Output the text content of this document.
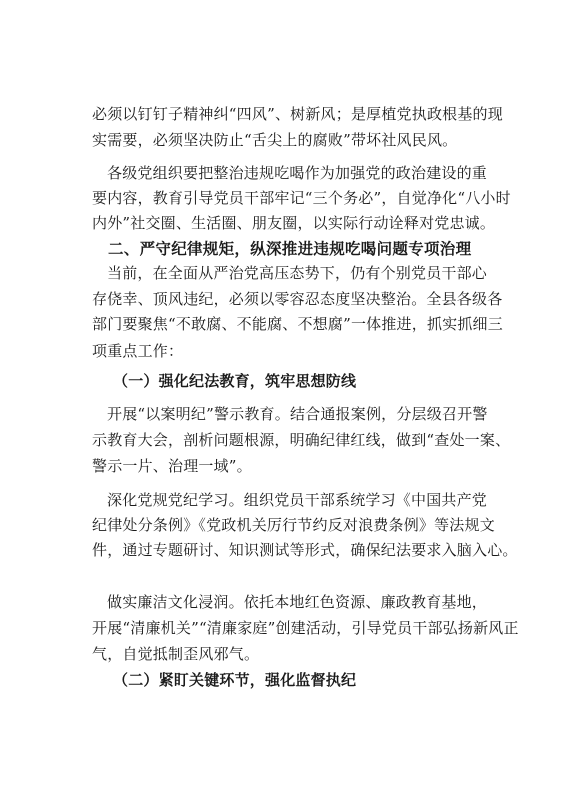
必须以钉钉子精神纠“四风”、树新风；是厚植党执政根基的现
实需要，必须坚决防止“舌尖上的腐败”带坏社风民风。
各级党组织要把整治违规吃喝作为加强党的政治建设的重
要内容，教育引导党员干部牢记“三个务必”，自觉净化“八小时
内外”社交圈、生活圈、朋友圈，以实际行动诠释对党忠诚。
二、严守纪律规矩，纵深推进违规吃喝问题专项治理
当前，在全面从严治党高压态势下，仍有个别党员干部心
存侥幸、顶风违纪，必须以零容忍态度坚决整治。全县各级各
部门要聚焦“不敢腐、不能腐、不想腐”一体推进，抓实抓细三
项重点工作：
（一）强化纪法教育，筑牢思想防线
开展“以案明纪”警示教育。结合通报案例，分层级召开警
示教育大会，剖析问题根源，明确纪律红线，做到“查处一案、
警示一片、治理一域”。
深化党规党纪学习。组织党员干部系统学习《中国共产党
纪律处分条例》《党政机关厉行节约反对浪费条例》等法规文
件，通过专题研讨、知识测试等形式，确保纪法要求入脑入心。
做实廉洁文化浸润。依托本地红色资源、廉政教育基地，
开展“清廉机关”“清廉家庭”创建活动，引导党员干部弘扬新风正
气，自觉抵制歪风邪气。
（二）紧盯关键环节，强化监督执纪
